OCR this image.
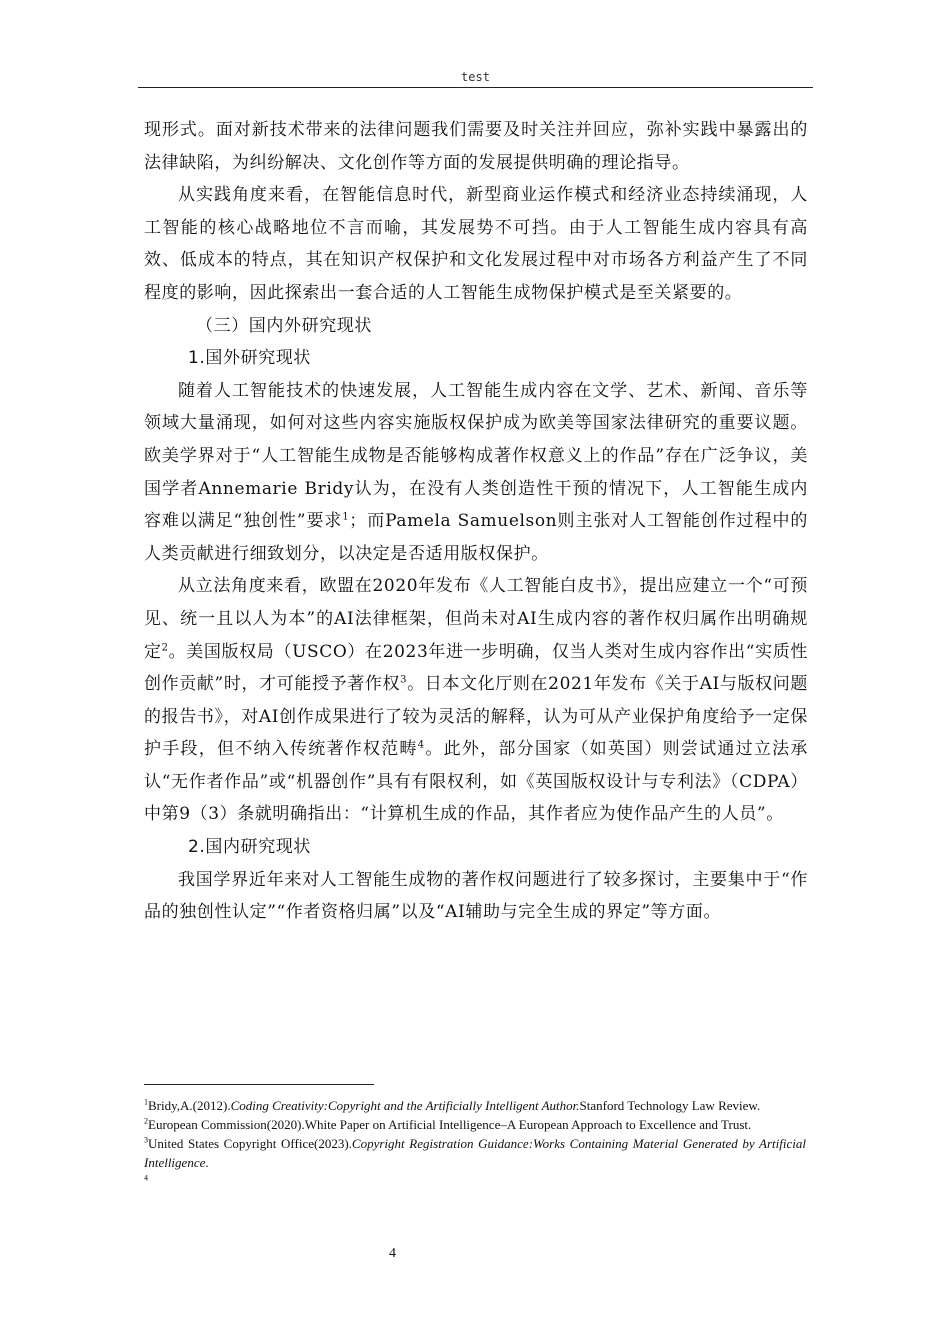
test

现形式。面对新技术带来的法律问题我们需要及时关注并回应，弥补实践中暴露出的法律缺陷，为纠纷解决、文化创作等方面的发展提供明确的理论指导。

从实践角度来看，在智能信息时代，新型商业运作模式和经济业态持续涌现，人工智能的核心战略地位不言而喻，其发展势不可挡。由于人工智能生成内容具有高效、低成本的特点，其在知识产权保护和文化发展过程中对市场各方利益产生了不同程度的影响，因此探索出一套合适的人工智能生成物保护模式是至关紧要的。

（三）国内外研究现状
1.国外研究现状

随着人工智能技术的快速发展，人工智能生成内容在文学、艺术、新闻、音乐等领域大量涌现，如何对这些内容实施版权保护成为欧美等国家法律研究的重要议题。欧美学界对于“人工智能生成物是否能够构成著作权意义上的作品”存在广泛争议，美国学者Annemarie Bridy认为，在没有人类创造性干预的情况下，人工智能生成内容难以满足“独创性”要求$^1$；而Pamela Samuelson则主张对人工智能创作过程中的人类贡献进行细致划分，以决定是否适用版权保护。

从立法角度来看，欧盟在2020年发布《人工智能白皮书》，提出应建立一个“可预见、统一且以人为本”的AI法律框架，但尚未对AI生成内容的著作权归属作出明确规定$^2$。美国版权局（USCO）在2023年进一步明确，仅当人类对生成内容作出“实质性创作贡献”时，才可能授予著作权$^3$。日本文化厅则在2021年发布《关于AI与版权问题的报告书》，对AI创作成果进行了较为灵活的解释，认为可从产业保护角度给予一定保护手段，但不纳入传统著作权范畴$^4$。此外，部分国家（如英国）则尝试通过立法承认“无作者作品”或“机器创作”具有有限权利，如《英国版权设计与专利法》（CDPA）中第9（3）条就明确指出：“计算机生成的作品，其作者应为使作品产生的人员”。

2.国内研究现状

我国学界近年来对人工智能生成物的著作权问题进行了较多探讨，主要集中于“作品的独创性认定”“作者资格归属”以及“AI辅助与完全生成的界定”等方面。

$^1$Bridy,A.(2012).Coding Creativity:Copyright and the Artificially Intelligent Author.Stanford Technology Law Review.

$^2$European Commission(2020).White Paper on Artificial Intelligence–A European Approach to Excellence and Trust.

$^3$United States Copyright Office(2023).Copyright Registration Guidance:Works Containing Material Generated by Artificial Intelligence.

$^4$

4
